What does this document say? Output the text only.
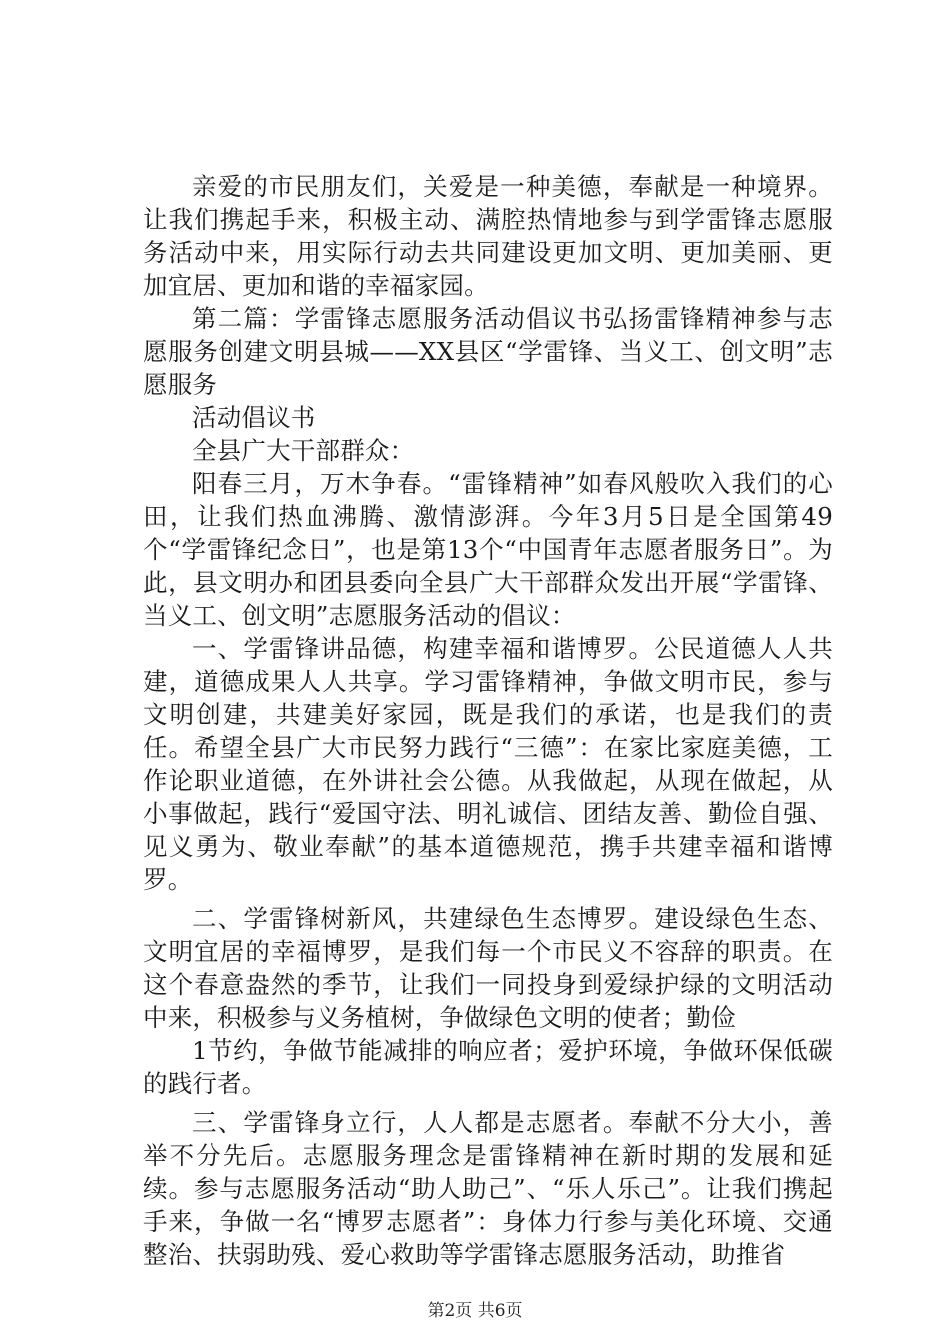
亲爱的市民朋友们，关爱是一种美德，奉献是一种境界。让我们携起手来，积极主动、满腔热情地参与到学雷锋志愿服务活动中来，用实际行动去共同建设更加文明、更加美丽、更加宜居、更加和谐的幸福家园。

第二篇：学雷锋志愿服务活动倡议书弘扬雷锋精神参与志愿服务创建文明县城——XX县区“学雷锋、当义工、创文明”志愿服务

活动倡议书

全县广大干部群众：

阳春三月，万木争春。“雷锋精神”如春风般吹入我们的心田，让我们热血沸腾、激情澎湃。今年3月5日是全国第49个“学雷锋纪念日”，也是第13个“中国青年志愿者服务日”。为此，县文明办和团县委向全县广大干部群众发出开展“学雷锋、当义工、创文明”志愿服务活动的倡议：

一、学雷锋讲品德，构建幸福和谐博罗。公民道德人人共建，道德成果人人共享。学习雷锋精神，争做文明市民，参与文明创建，共建美好家园，既是我们的承诺，也是我们的责任。希望全县广大市民努力践行“三德”：在家比家庭美德，工作论职业道德，在外讲社会公德。从我做起，从现在做起，从小事做起，践行“爱国守法、明礼诚信、团结友善、勤俭自强、见义勇为、敬业奉献”的基本道德规范，携手共建幸福和谐博罗。

二、学雷锋树新风，共建绿色生态博罗。建设绿色生态、文明宜居的幸福博罗，是我们每一个市民义不容辞的职责。在这个春意盎然的季节，让我们一同投身到爱绿护绿的文明活动中来，积极参与义务植树，争做绿色文明的使者；勤俭

1节约，争做节能减排的响应者；爱护环境，争做环保低碳的践行者。

三、学雷锋身立行，人人都是志愿者。奉献不分大小，善举不分先后。志愿服务理念是雷锋精神在新时期的发展和延续。参与志愿服务活动“助人助己”、“乐人乐己”。让我们携起手来，争做一名“博罗志愿者”：身体力行参与美化环境、交通整治、扶弱助残、爱心救助等学雷锋志愿服务活动，助推省

第2页 共6页
